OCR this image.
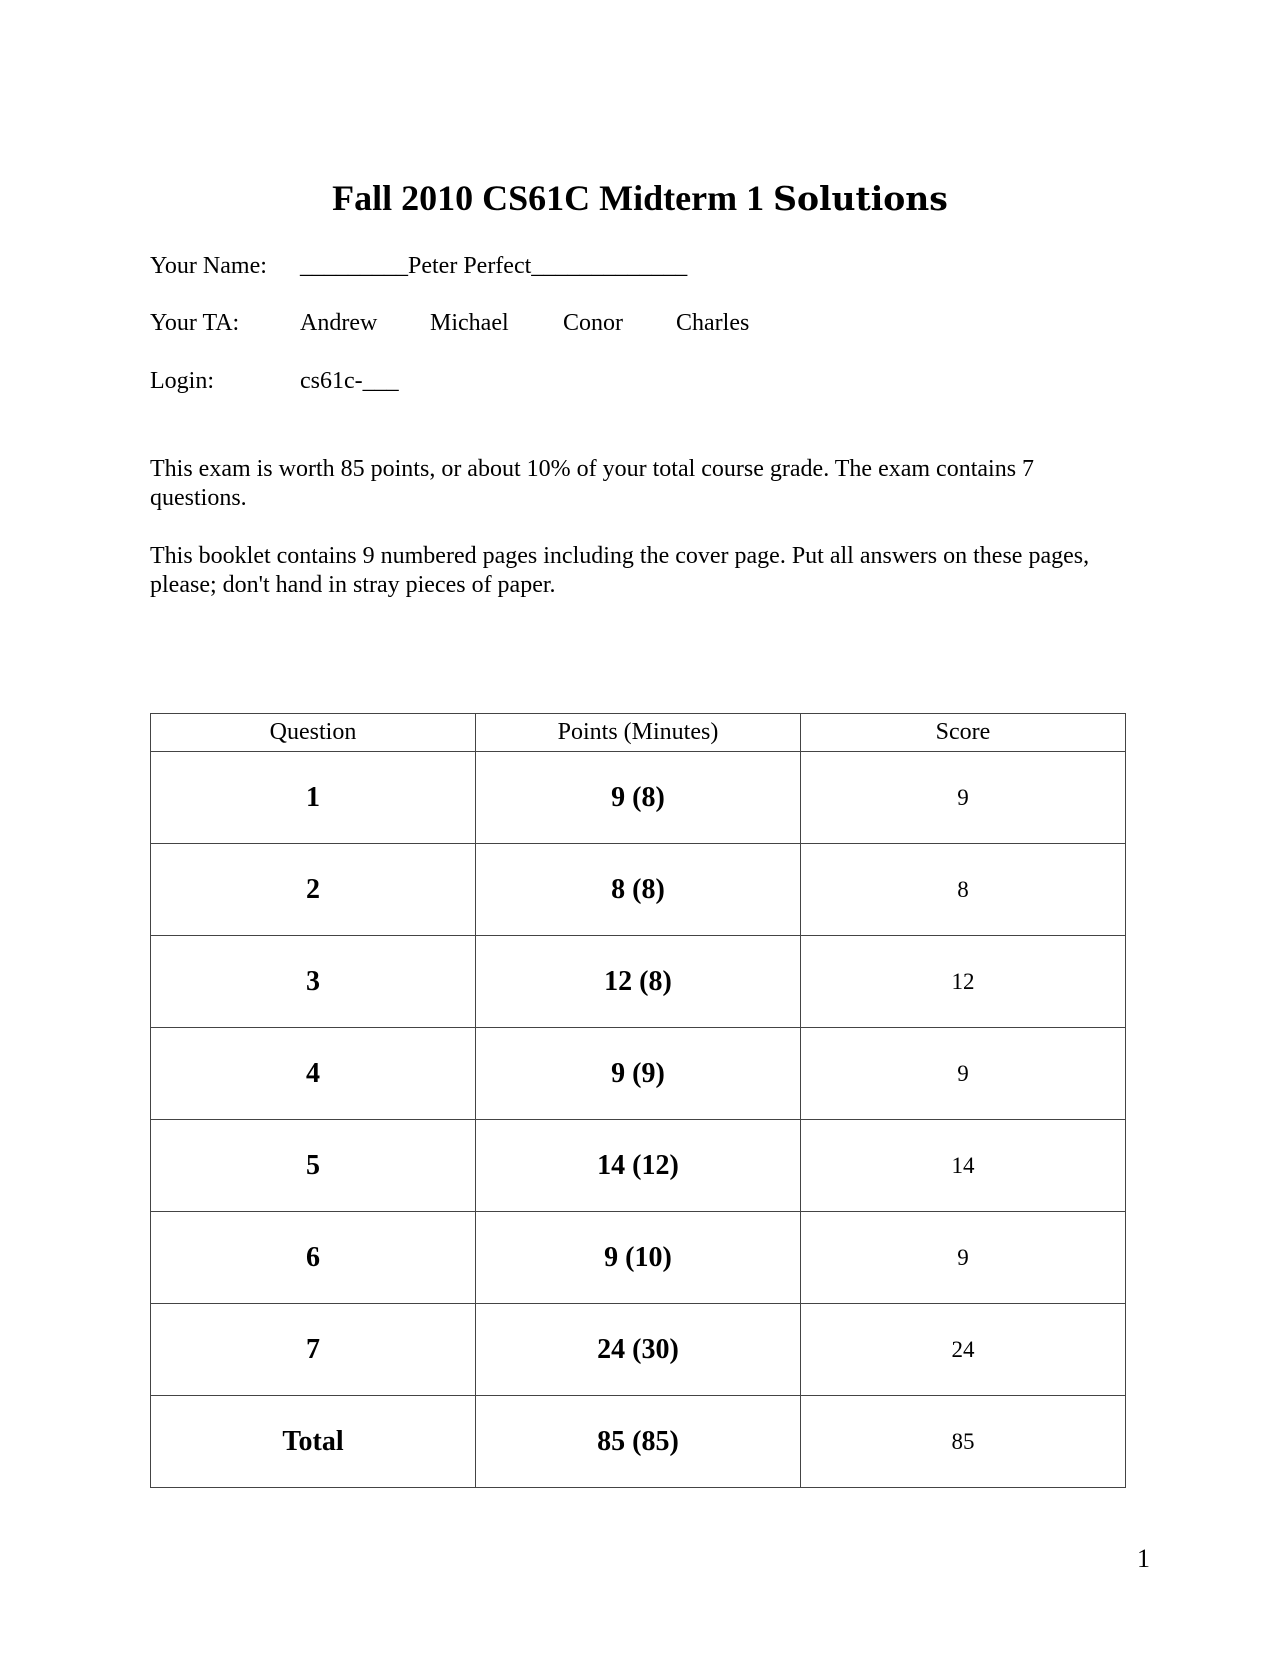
Fall 2010 CS61C Midterm 1 Solutions
Your Name: _________Peter Perfect_____________
Your TA:	Andrew Michael Conor Charles
Login:	cs61c-___
This exam is worth 85 points, or about 10% of your total course grade. The exam contains 7 questions.
This booklet contains 9 numbered pages including the cover page. Put all answers on these pages, please; don't hand in stray pieces of paper.
Question	Points (Minutes)	Score
1	9 (8)	9
2	8 (8)	8
3	12 (8)	12
4	9 (9)	9
5	14 (12)	14
6	9 (10)	9
7	24 (30)	24
Total	85 (85)	85
1
